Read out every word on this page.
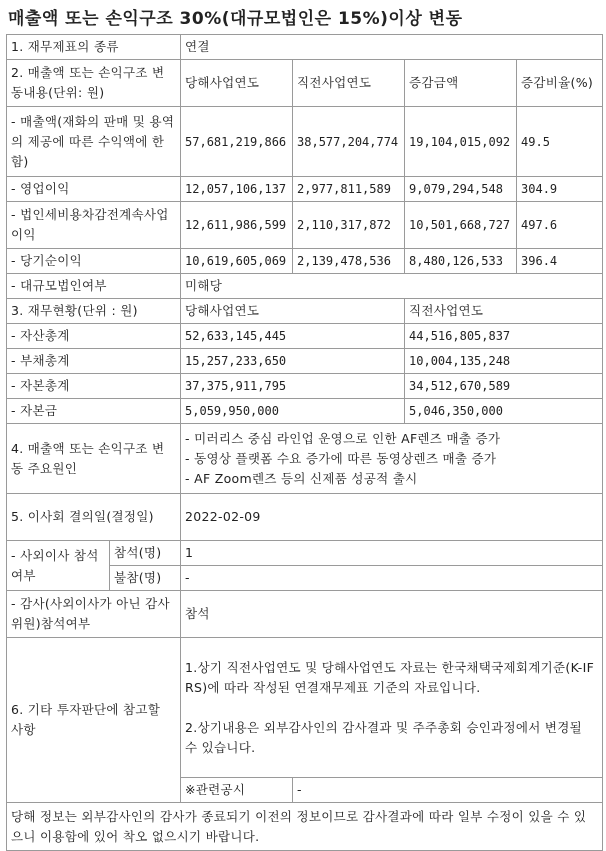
매출액 또는 손익구조 30%(대규모법인은 15%)이상 변동
1. 재무제표의 종류		연결			
2. 매출액 또는 손익구조 변동내용(단위: 원)		당해사업연도	직전사업연도	증감금액	증감비율(%)
- 매출액(재화의 판매 및 용역의 제공에 따른 수익액에 한함)		57,681,219,866	38,577,204,774	19,104,015,092	49.5
- 영업이익		12,057,106,137	2,977,811,589	9,079,294,548	304.9
- 법인세비용차감전계속사업이익		12,611,986,599	2,110,317,872	10,501,668,727	497.6
- 당기순이익		10,619,605,069	2,139,478,536	8,480,126,533	396.4
- 대규모법인여부		미해당			
3. 재무현황(단위 : 원)		당해사업연도		직전사업연도	
- 자산총계		52,633,145,445		44,516,805,837	
- 부채총계		15,257,233,650		10,004,135,248	
- 자본총계		37,375,911,795		34,512,670,589	
- 자본금		5,059,950,000		5,046,350,000	
4. 매출액 또는 손익구조 변동 주요원인		- 미러리스 중심 라인업 운영으로 인한 AF렌즈 매출 증가
- 동영상 플랫폼 수요 증가에 따른 동영상렌즈 매출 증가
- AF Zoom렌즈 등의 신제품 성공적 출시			

5. 이사회 결의일(결정일)		2022-02-09			
- 사외이사 참석여부	참석(명)	1			
	불참(명)	-			
- 감사(사외이사가 아닌 감사위원)참석여부		참석			
6. 기타 투자판단에 참고할 사항		1.상기 직전사업연도 및 당해사업연도 자료는 한국채택국제회계기준(K-IFRS)에 따라 작성된 연결재무제표 기준의 자료입니다.
2.상기내용은 외부감사인의 감사결과 및 주주총회 승인과정에서 변경될 수 있습니다.			

		※관련공시	-		
당해 정보는 외부감사인의 감사가 종료되기 이전의 정보이므로 감사결과에 따라 일부 수정이 있을 수 있으니 이용함에 있어 착오 없으시기 바랍니다.					
